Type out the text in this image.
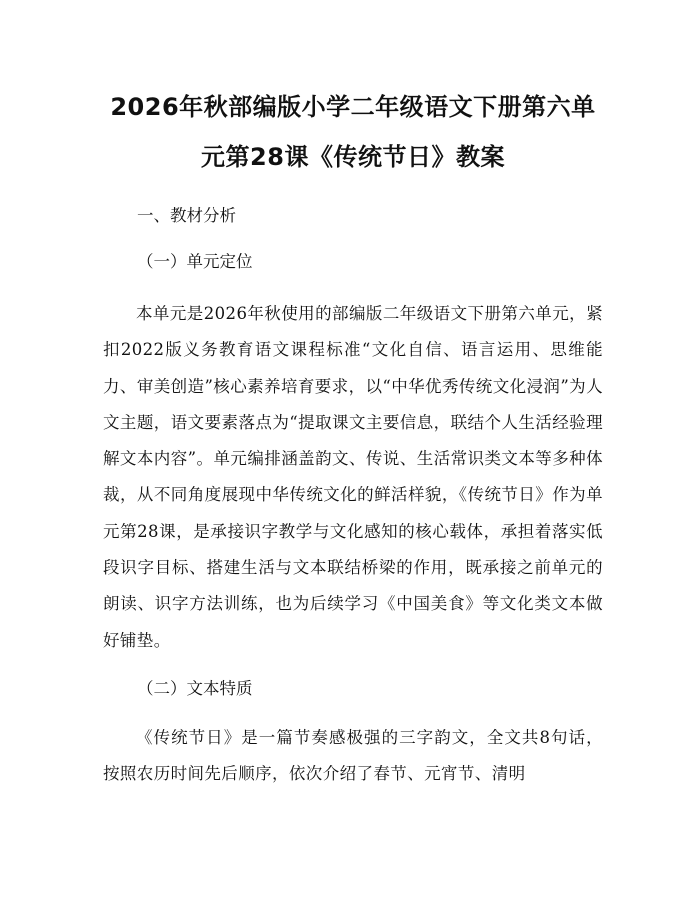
2026年秋部编版小学二年级语文下册第六单元第28课《传统节日》教案

一、教材分析

（一）单元定位

本单元是2026年秋使用的部编版二年级语文下册第六单元，紧扣2022版义务教育语文课程标准“文化自信、语言运用、思维能力、审美创造”核心素养培育要求，以“中华优秀传统文化浸润”为人文主题，语文要素落点为“提取课文主要信息，联结个人生活经验理解文本内容”。单元编排涵盖韵文、传说、生活常识类文本等多种体裁，从不同角度展现中华传统文化的鲜活样貌，《传统节日》作为单元第28课，是承接识字教学与文化感知的核心载体，承担着落实低段识字目标、搭建生活与文本联结桥梁的作用，既承接之前单元的朗读、识字方法训练，也为后续学习《中国美食》等文化类文本做好铺垫。

（二）文本特质

《传统节日》是一篇节奏感极强的三字韵文，全文共8句话，按照农历时间先后顺序，依次介绍了春节、元宵节、清明
